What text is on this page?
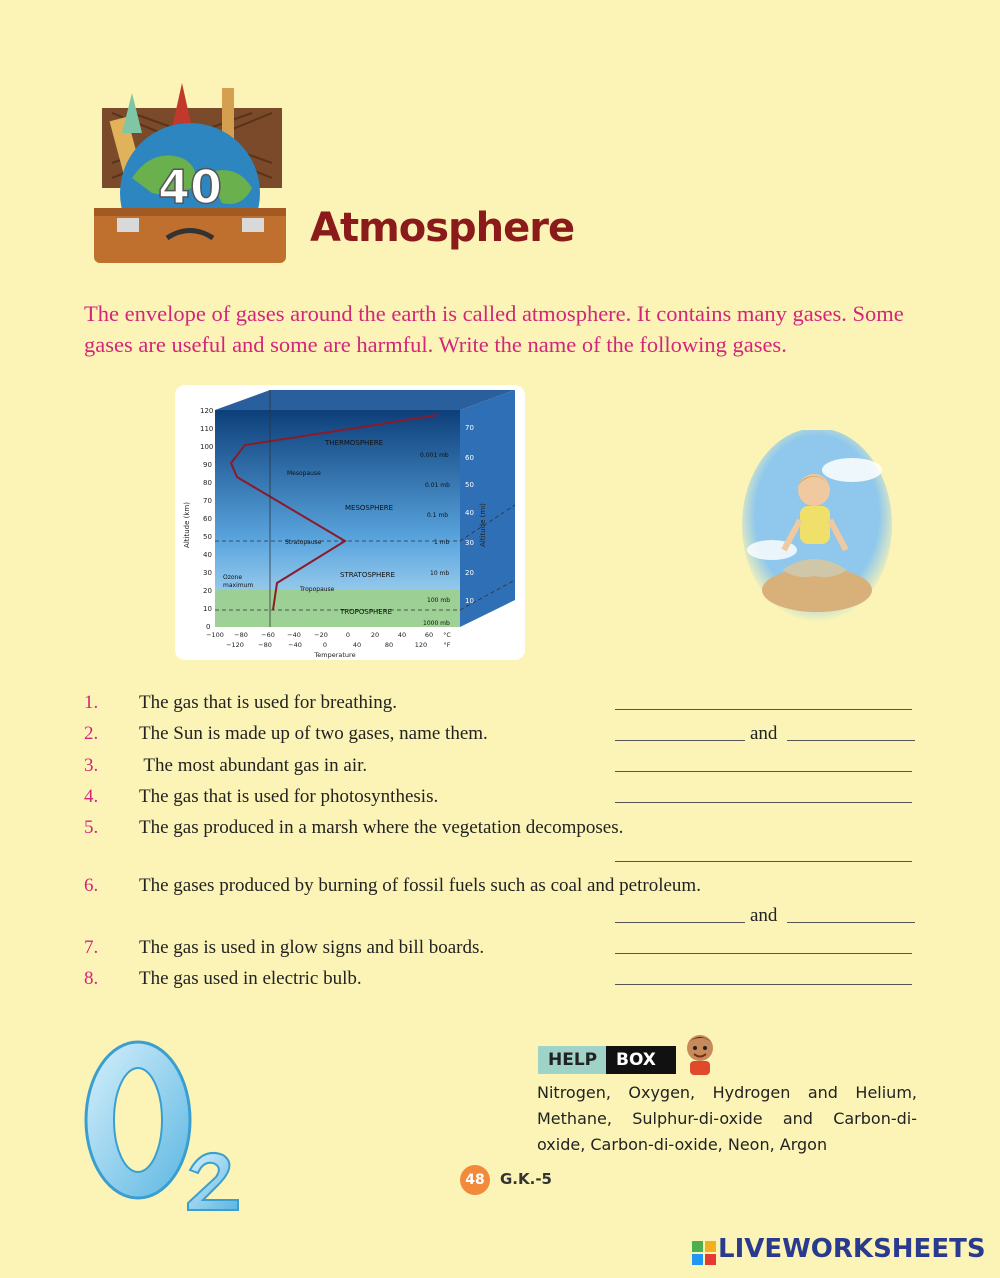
40
Atmosphere
The envelope of gases around the earth is called atmosphere. It contains many gases. Some gases are useful and some are harmful. Write the name of the following gases.
120
110
100
90
80
70
60
50
40
30
20
10
0
Altitude (km)
70
60
50
40
30
20
10
Altitude (mi)
THERMOSPHERE
MESOSPHERE
STRATOSPHERE
TROPOSPHERE
Mesopause
Stratopause
Tropopause
Ozone
maximum
0.001 mb
0.01 mb
0.1 mb
1 mb
10 mb
100 mb
1000 mb
−100 −80 −60 −40 −20	0	20	40	60 °C
−120 −80	−40	0	40	80	120	°F
Temperature
1. The gas that is used for breathing.
2. The Sun is made up of two gases, name them.	and
3. The most abundant gas in air.
4. The gas that is used for photosynthesis.
5. The gas produced in a marsh where the vegetation decomposes.
6. The gases produced by burning of fossil fuels such as coal and petroleum.
and
7. The gas is used in glow signs and bill boards.
8. The gas used in electric bulb.
HELP	BOX
Nitrogen, Oxygen, Hydrogen and Helium, Methane, Sulphur-di-oxide and Carbon-di-oxide, Carbon-di-oxide, Neon, Argon
48	G.K.-5
LIVEWORKSHEETS
